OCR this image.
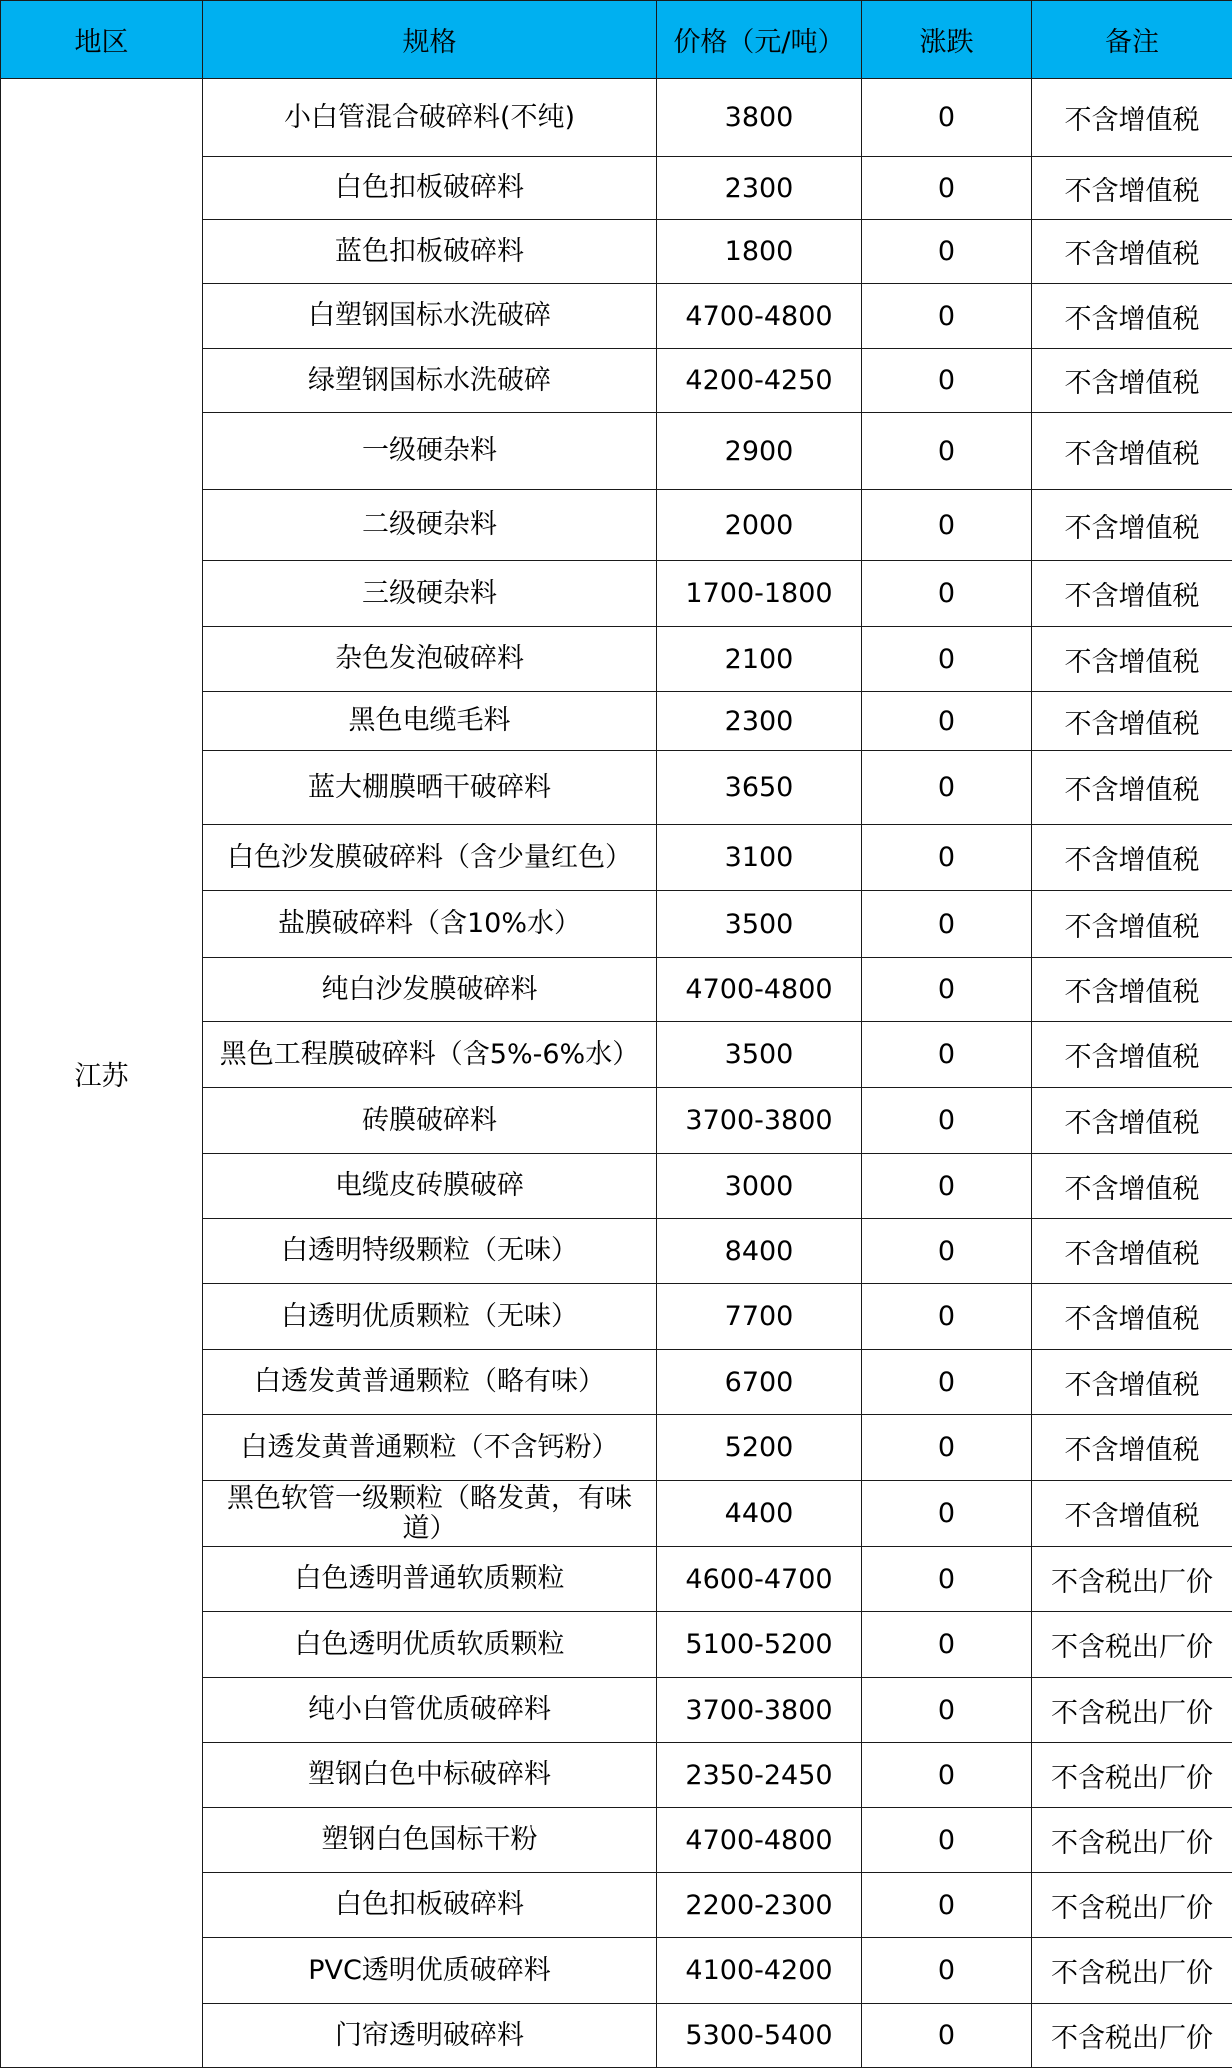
地区	规格	价格（元/吨）	涨跌	备注
江苏	小白管混合破碎料(不纯)	3800	0	不含增值税
	白色扣板破碎料	2300	0	不含增值税
	蓝色扣板破碎料	1800	0	不含增值税
	白塑钢国标水洗破碎	4700-4800	0	不含增值税
	绿塑钢国标水洗破碎	4200-4250	0	不含增值税
	一级硬杂料	2900	0	不含增值税
	二级硬杂料	2000	0	不含增值税
	三级硬杂料	1700-1800	0	不含增值税
	杂色发泡破碎料	2100	0	不含增值税
	黑色电缆毛料	2300	0	不含增值税
	蓝大棚膜晒干破碎料	3650	0	不含增值税
	白色沙发膜破碎料（含少量红色）	3100	0	不含增值税
	盐膜破碎料（含10%水）	3500	0	不含增值税
	纯白沙发膜破碎料	4700-4800	0	不含增值税
	黑色工程膜破碎料（含5%-6%水）	3500	0	不含增值税
	砖膜破碎料	3700-3800	0	不含增值税
	电缆皮砖膜破碎	3000	0	不含增值税
	白透明特级颗粒（无味）	8400	0	不含增值税
	白透明优质颗粒（无味）	7700	0	不含增值税
	白透发黄普通颗粒（略有味）	6700	0	不含增值税
	白透发黄普通颗粒（不含钙粉）	5200	0	不含增值税
	黑色软管一级颗粒（略发黄，有味道）	4400	0	不含增值税
	白色透明普通软质颗粒	4600-4700	0	不含税出厂价
	白色透明优质软质颗粒	5100-5200	0	不含税出厂价
	纯小白管优质破碎料	3700-3800	0	不含税出厂价
	塑钢白色中标破碎料	2350-2450	0	不含税出厂价
	塑钢白色国标干粉	4700-4800	0	不含税出厂价
	白色扣板破碎料	2200-2300	0	不含税出厂价
	PVC透明优质破碎料	4100-4200	0	不含税出厂价
	门帘透明破碎料	5300-5400	0	不含税出厂价
